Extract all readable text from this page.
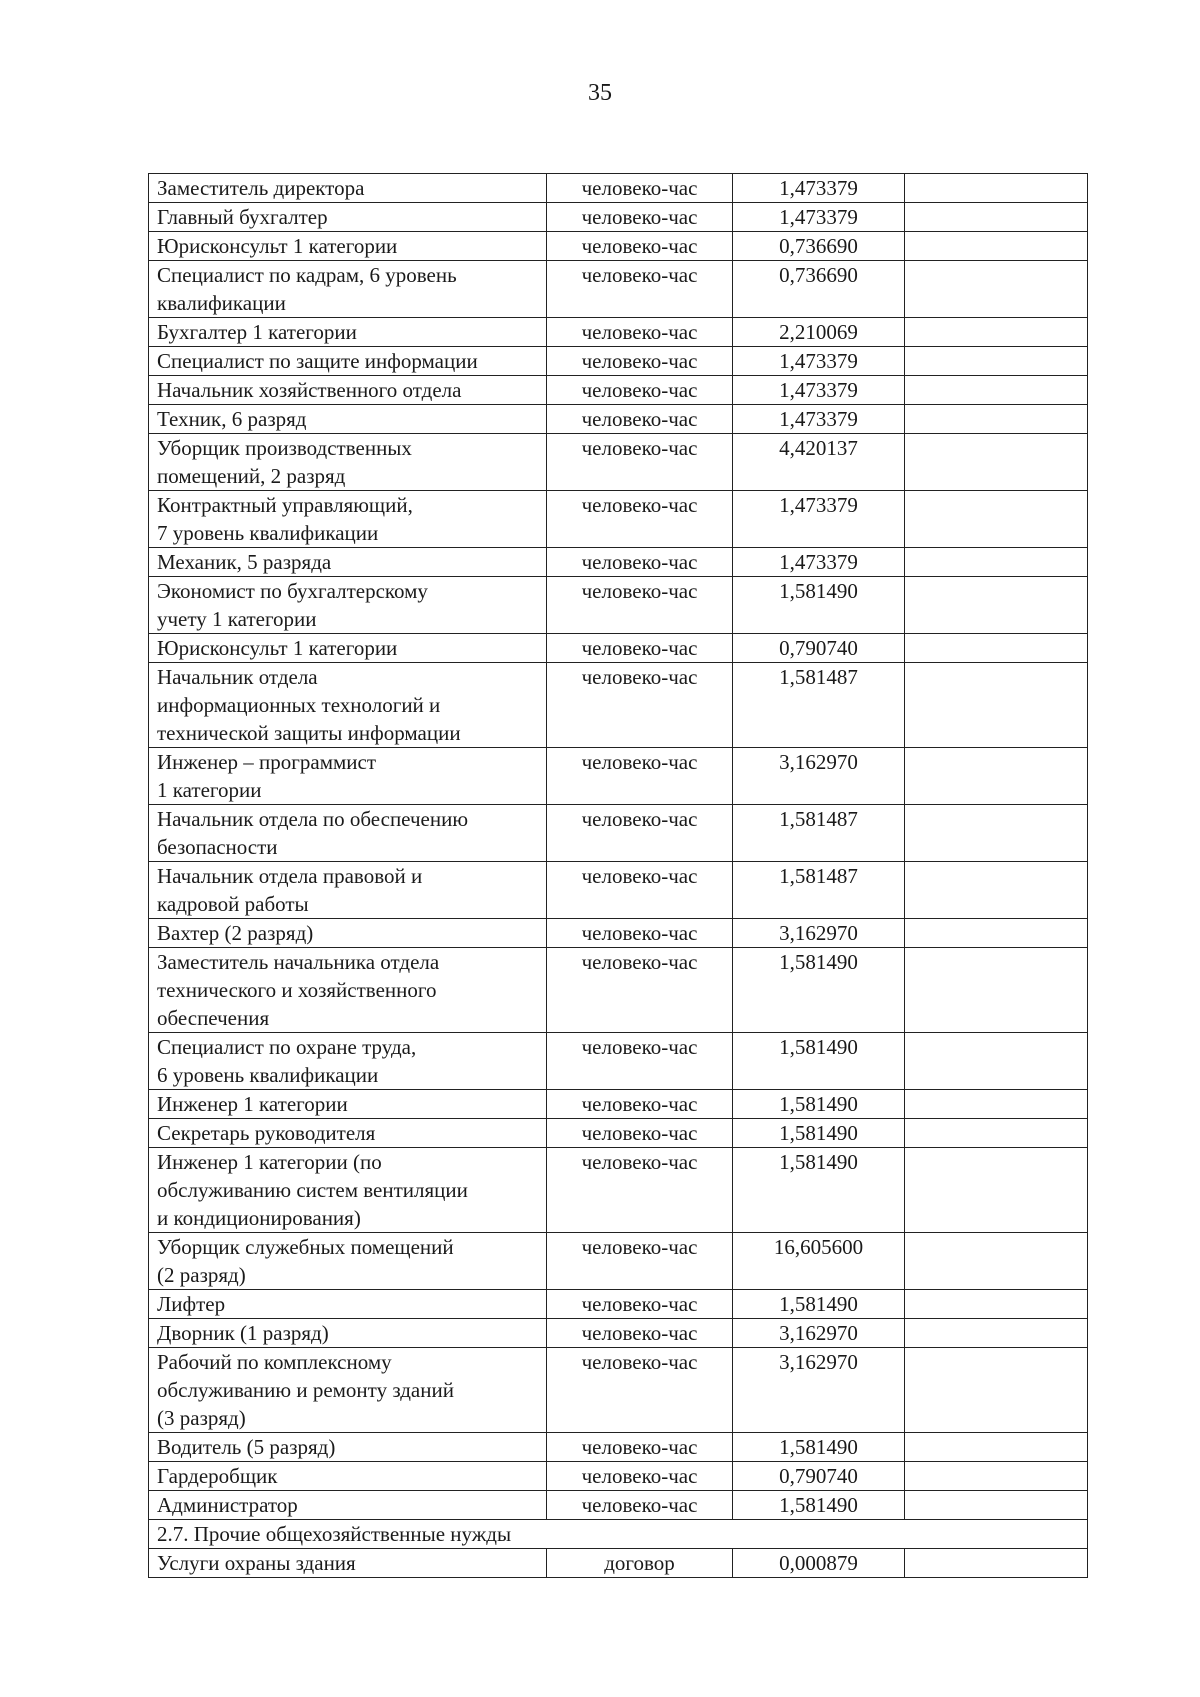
35
Заместитель директора	человеко-час	1,473379	
Главный бухгалтер	человеко-час	1,473379	
Юрисконсульт 1 категории	человеко-час	0,736690	
Специалист по кадрам, 6 уровень
квалификации	человеко-час	0,736690	
Бухгалтер 1 категории	человеко-час	2,210069	
Специалист по защите информации	человеко-час	1,473379	
Начальник хозяйственного отдела	человеко-час	1,473379	
Техник, 6 разряд	человеко-час	1,473379	
Уборщик производственных
помещений, 2 разряд	человеко-час	4,420137	
Контрактный управляющий,
7 уровень квалификации	человеко-час	1,473379	
Механик, 5 разряда	человеко-час	1,473379	
Экономист по бухгалтерскому
учету 1 категории	человеко-час	1,581490	
Юрисконсульт 1 категории	человеко-час	0,790740	
Начальник отдела
информационных технологий и
технической защиты информации	человеко-час	1,581487	
Инженер – программист
1 категории	человеко-час	3,162970	
Начальник отдела по обеспечению
безопасности	человеко-час	1,581487	
Начальник отдела правовой и
кадровой работы	человеко-час	1,581487	
Вахтер (2 разряд)	человеко-час	3,162970	
Заместитель начальника отдела
технического и хозяйственного
обеспечения	человеко-час	1,581490	
Специалист по охране труда,
6 уровень квалификации	человеко-час	1,581490	
Инженер 1 категории	человеко-час	1,581490	
Секретарь руководителя	человеко-час	1,581490	
Инженер 1 категории (по
обслуживанию систем вентиляции
и кондиционирования)	человеко-час	1,581490	
Уборщик служебных помещений
(2 разряд)	человеко-час	16,605600	
Лифтер	человеко-час	1,581490	
Дворник (1 разряд)	человеко-час	3,162970	
Рабочий по комплексному
обслуживанию и ремонту зданий
(3 разряд)	человеко-час	3,162970	
Водитель (5 разряд)	человеко-час	1,581490	
Гардеробщик	человеко-час	0,790740	
Администратор	человеко-час	1,581490	
2.7. Прочие общехозяйственные нужды			
Услуги охраны здания	договор	0,000879	
